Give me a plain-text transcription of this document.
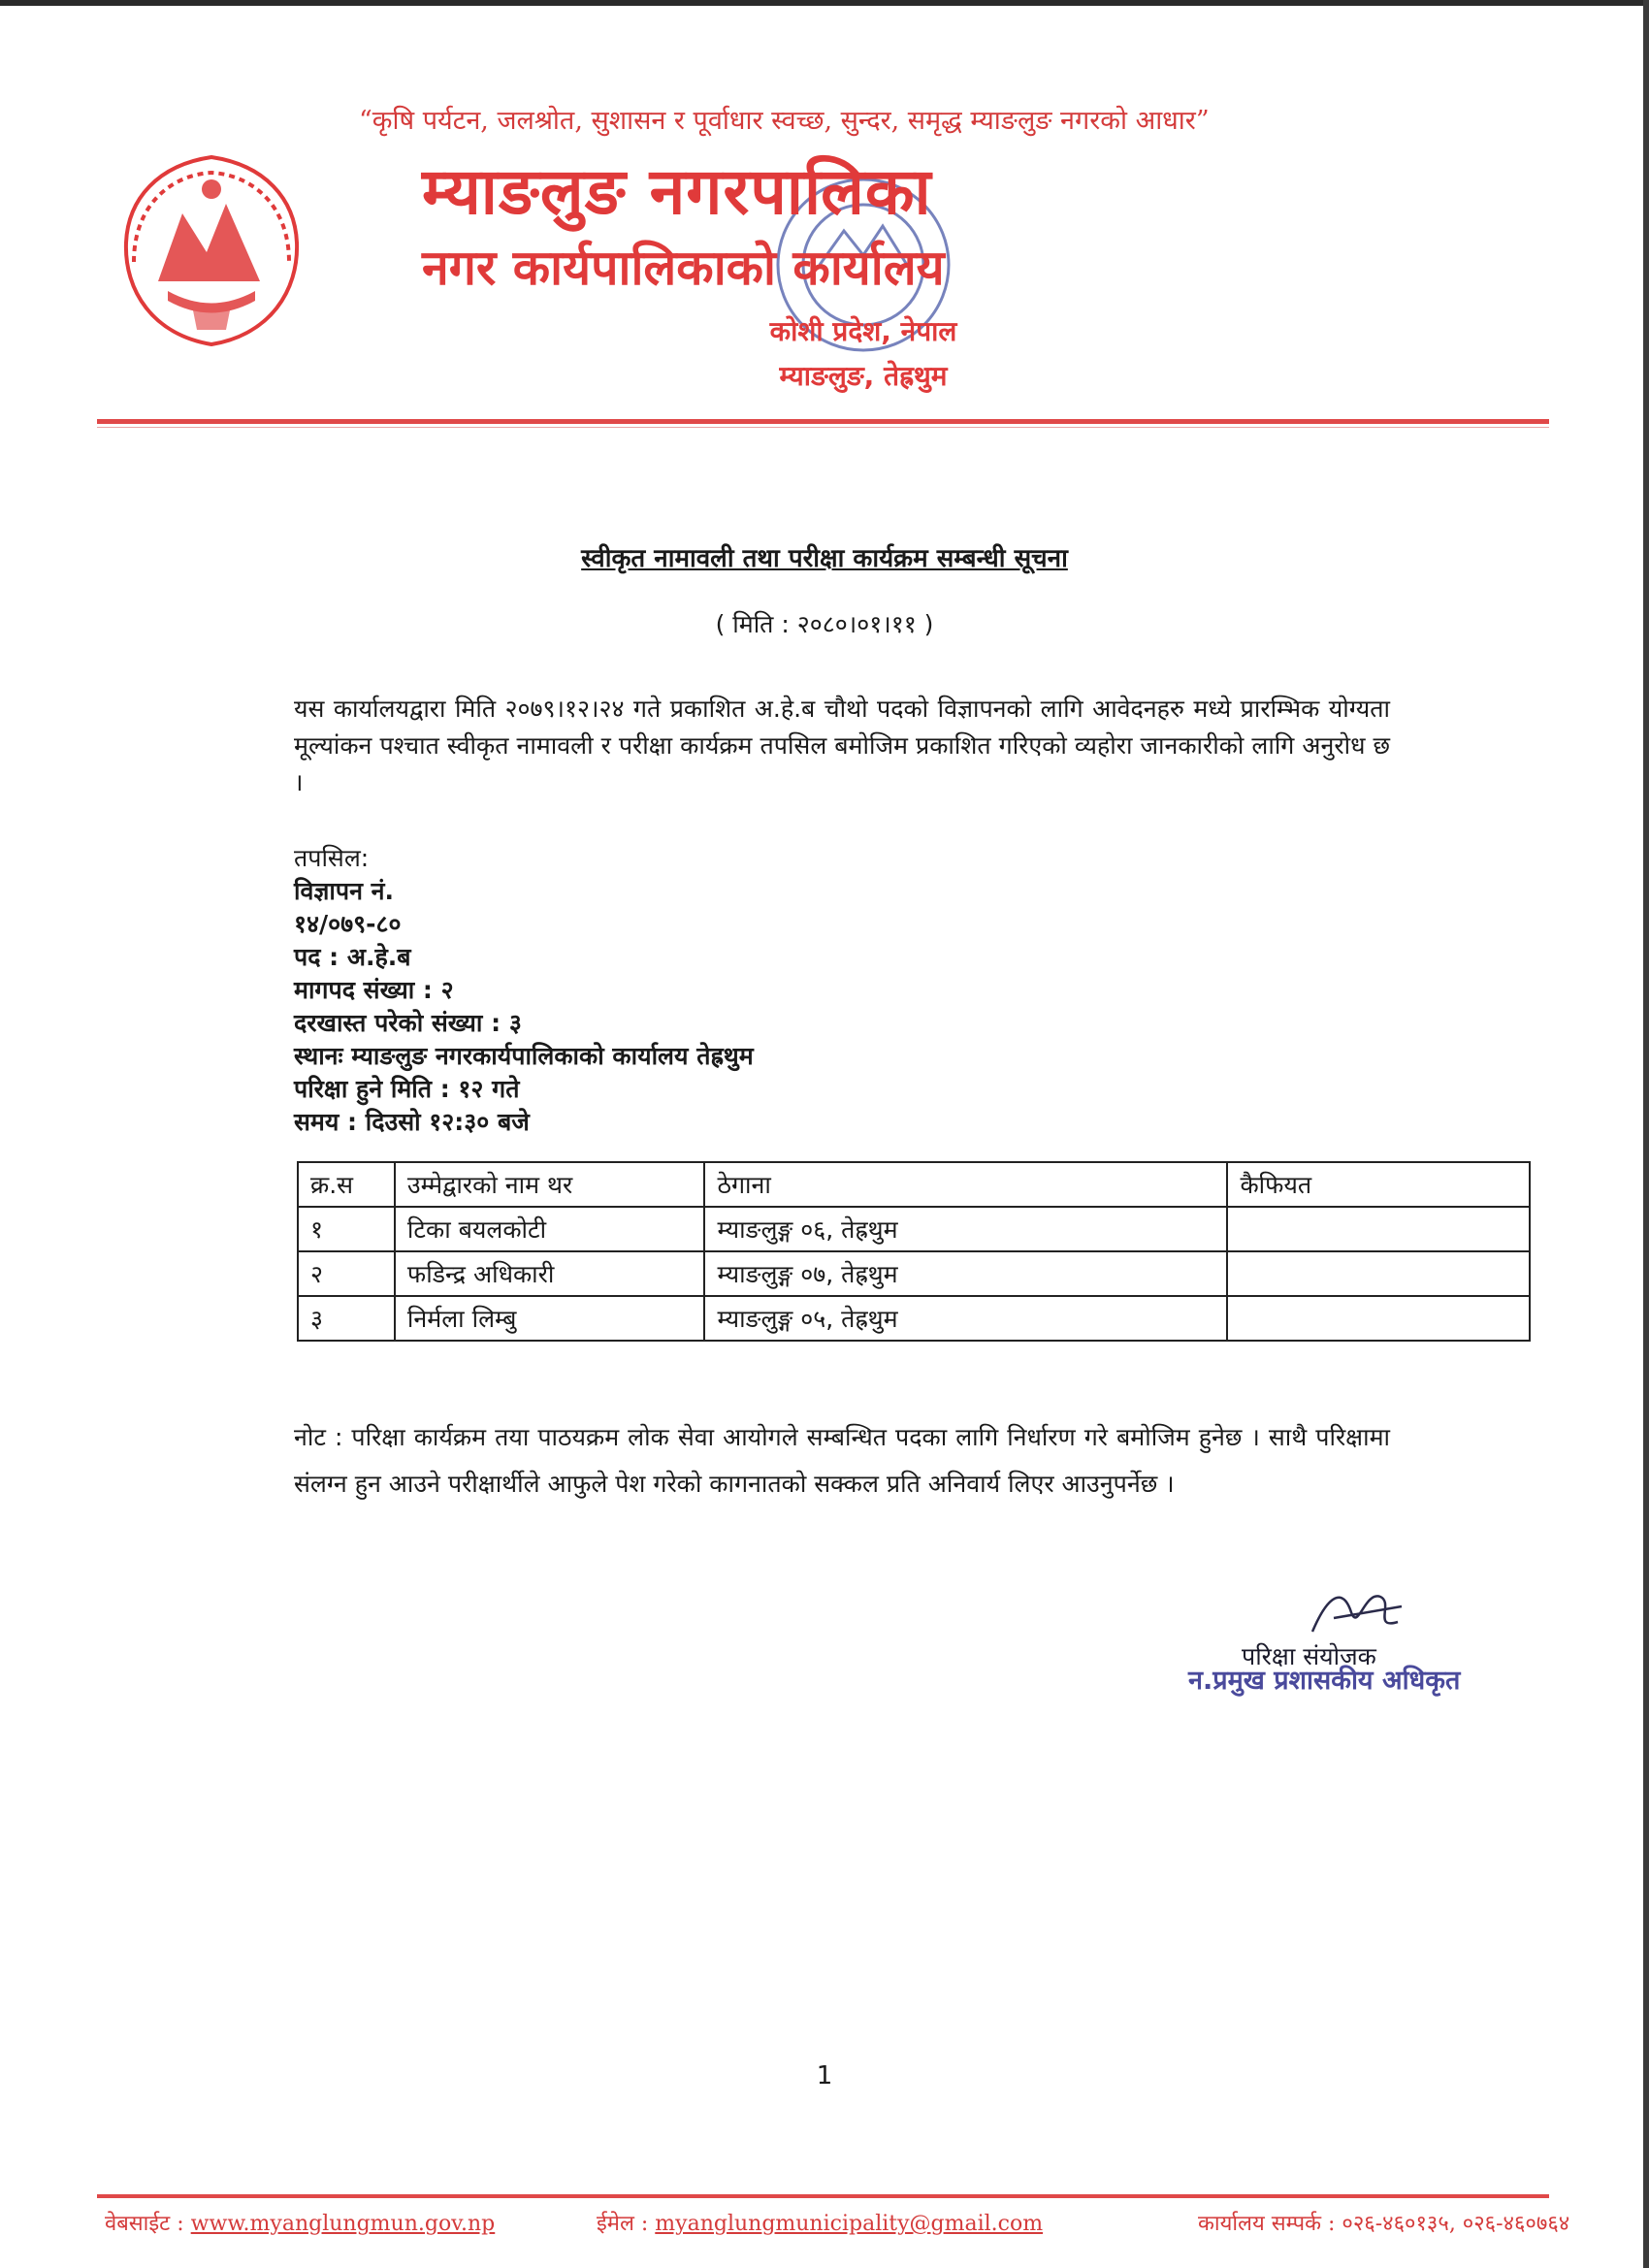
“कृषि पर्यटन, जलश्रोत, सुशासन र पूर्वाधार स्वच्छ, सुन्दर, समृद्ध म्याङलुङ नगरको आधार”
म्याङलुङ नगरपालिका
नगर कार्यपालिकाको कार्यालय
कोशी प्रदेश, नेपाल
म्याङलुङ, तेह्रथुम
स्वीकृत नामावली तथा परीक्षा कार्यक्रम सम्बन्धी सूचना
( मिति : २०८०।०१।११ )
यस कार्यालयद्वारा मिति २०७९।१२।२४ गते प्रकाशित अ.हे.ब चौथो पदको विज्ञापनको लागि आवेदनहरु मध्ये प्रारम्भिक योग्यता मूल्यांकन पश्चात स्वीकृत नामावली र परीक्षा कार्यक्रम तपसिल बमोजिम प्रकाशित गरिएको व्यहोरा जानकारीको लागि अनुरोध छ ।
तपसिल:
विज्ञापन नं.
१४/०७९-८०
पद : अ.हे.ब
मागपद संख्या : २
दरखास्त परेको संख्या : ३
स्थानः म्याङलुङ नगरकार्यपालिकाको कार्यालय तेह्रथुम
परिक्षा हुने मिति : १२ गते
समय : दिउसो १२:३० बजे
क्र.स	उम्मेद्वारको नाम थर	ठेगाना	कैफियत
१	टिका बयलकोटी	म्याङलुङ्ग ०६, तेह्रथुम	
२	फडिन्द्र अधिकारी	म्याङलुङ्ग ०७, तेह्रथुम	
३	निर्मला लिम्बु	म्याङलुङ्ग ०५, तेह्रथुम	
नोट : परिक्षा कार्यक्रम तया पाठयक्रम लोक सेवा आयोगले सम्बन्धित पदका लागि निर्धारण गरे बमोजिम हुनेछ । साथै परिक्षामा संलग्न हुन आउने परीक्षार्थीले आफुले पेश गरेको कागनातको सक्कल प्रति अनिवार्य लिएर आउनुपर्नेछ ।
परिक्षा संयोजक
न.प्रमुख प्रशासकीय अधिकृत
1
वेबसाईट : www.myanglungmun.gov.np	ईमेल : myanglungmunicipality@gmail.com	कार्यालय सम्पर्क : ०२६-४६०१३५, ०२६-४६०७६४
